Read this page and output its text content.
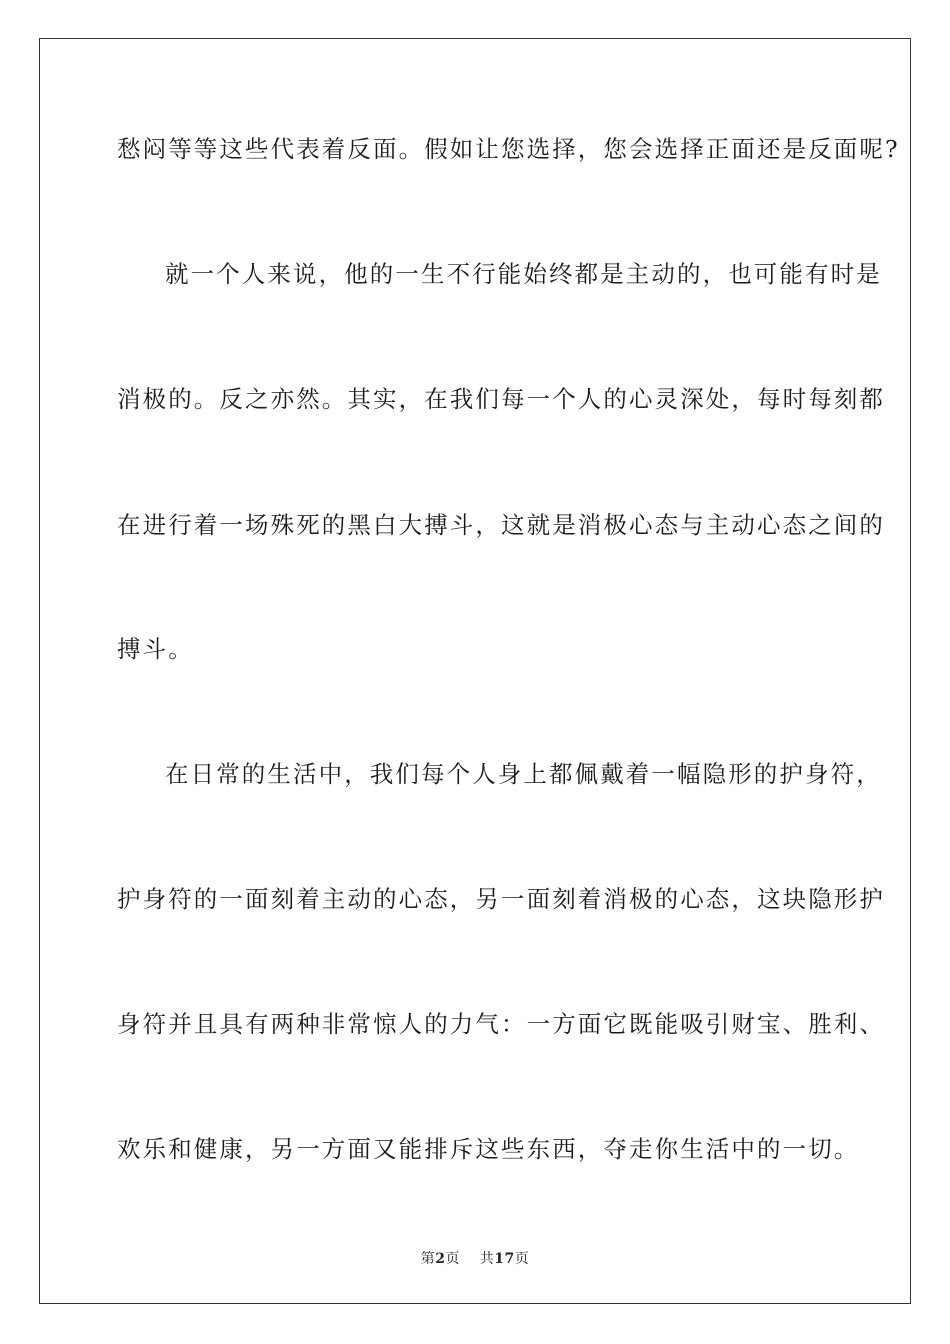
愁闷等等这些代表着反面。假如让您选择，您会选择正面还是反面呢?
就一个人来说，他的一生不行能始终都是主动的，也可能有时是
消极的。反之亦然。其实，在我们每一个人的心灵深处，每时每刻都
在进行着一场殊死的黑白大搏斗，这就是消极心态与主动心态之间的
搏斗。
在日常的生活中，我们每个人身上都佩戴着一幅隐形的护身符，
护身符的一面刻着主动的心态，另一面刻着消极的心态，这块隐形护
身符并且具有两种非常惊人的力气：一方面它既能吸引财宝、胜利、
欢乐和健康，另一方面又能排斥这些东西，夺走你生活中的一切。
第2页 共17页
